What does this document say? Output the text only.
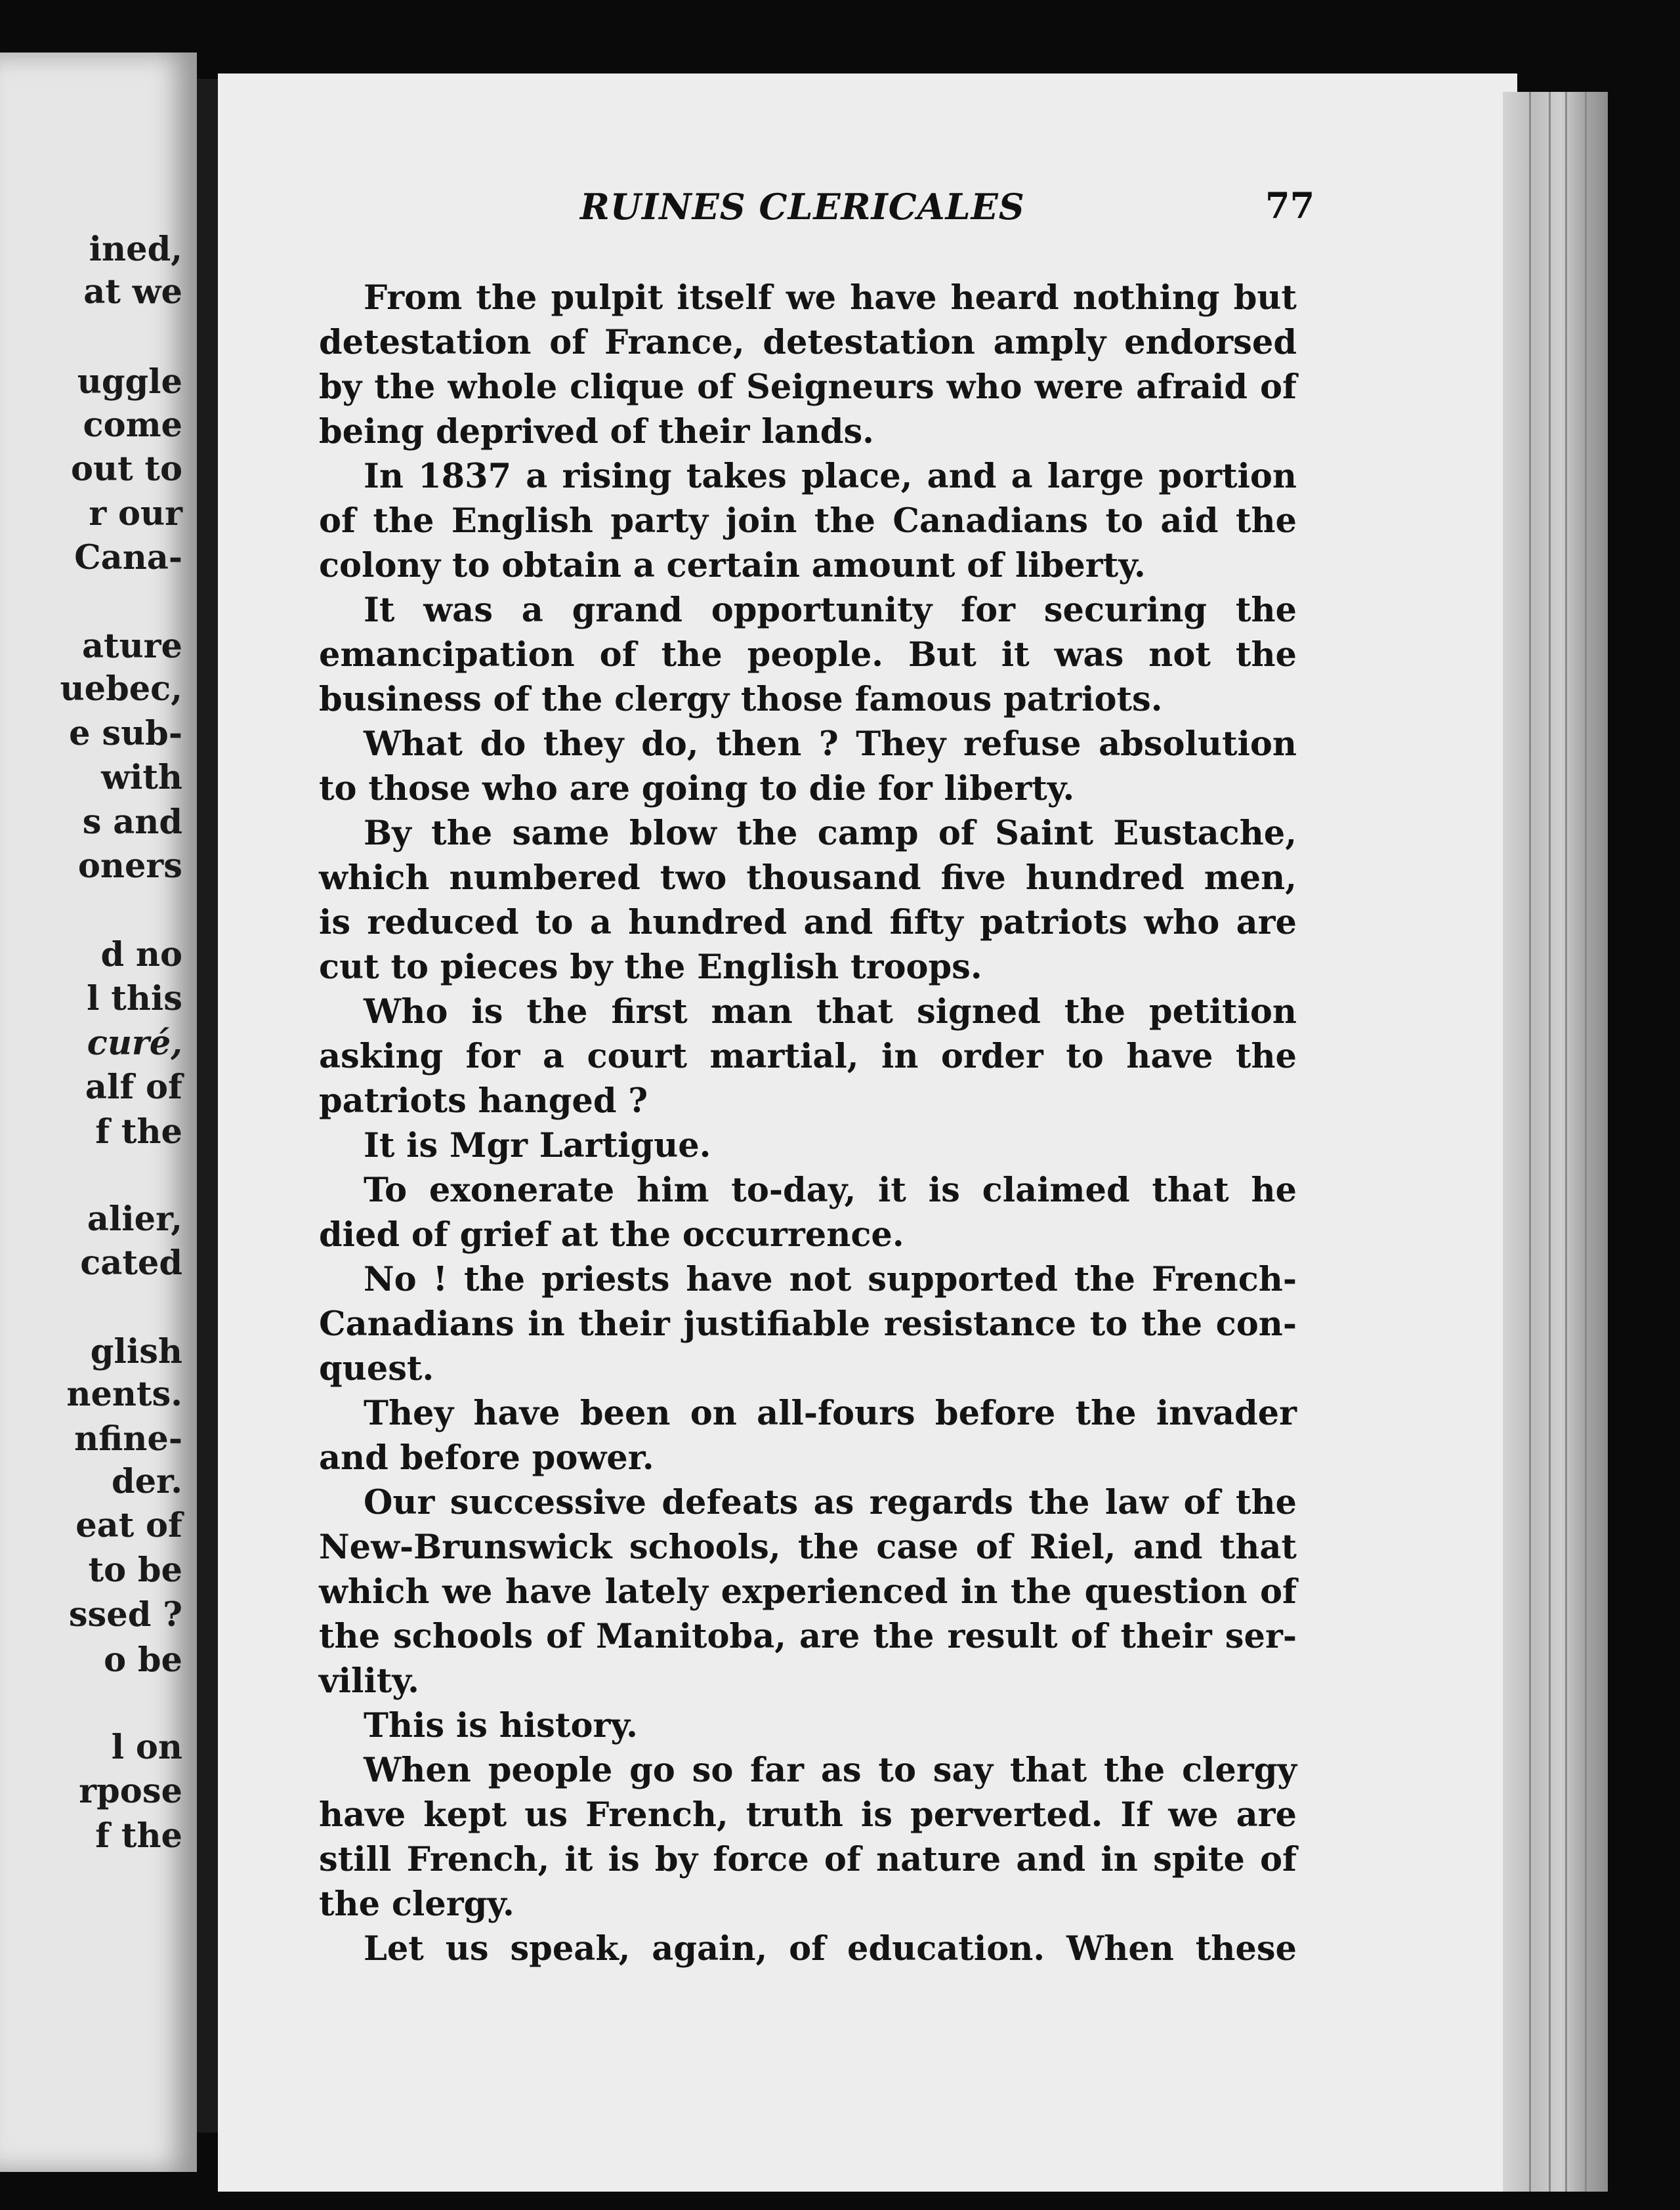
ined,

at we

uggle

come

out to

r our

Cana-

ature

uebec,

e sub-

with

s and

oners

d no

l this

curé,

alf of

f the

alier,

cated

glish

nents.

nfine-

der.

eat of

to be

ssed ?

o be

l on

rpose

f the

RUINES CLERICALES	77

From the pulpit itself we have heard nothing but
detestation of France, detestation amply endorsed
by the whole clique of Seigneurs who were afraid of
being deprived of their lands.
In 1837 a rising takes place, and a large portion
of the English party join the Canadians to aid the
colony to obtain a certain amount of liberty.
It was a grand opportunity for securing the
emancipation of the people. But it was not the
business of the clergy those famous patriots.
What do they do, then ? They refuse absolution
to those who are going to die for liberty.
By the same blow the camp of Saint Eustache,
which numbered two thousand five hundred men,
is reduced to a hundred and fifty patriots who are
cut to pieces by the English troops.
Who is the first man that signed the petition
asking for a court martial, in order to have the
patriots hanged ?
It is Mgr Lartigue.
To exonerate him to-day, it is claimed that he
died of grief at the occurrence.
No ! the priests have not supported the French-
Canadians in their justifiable resistance to the con-
quest.
They have been on all-fours before the invader
and before power.
Our successive defeats as regards the law of the
New-Brunswick schools, the case of Riel, and that
which we have lately experienced in the question of
the schools of Manitoba, are the result of their ser-
vility.
This is history.
When people go so far as to say that the clergy
have kept us French, truth is perverted. If we are
still French, it is by force of nature and in spite of
the clergy.
Let us speak, again, of education. When these
